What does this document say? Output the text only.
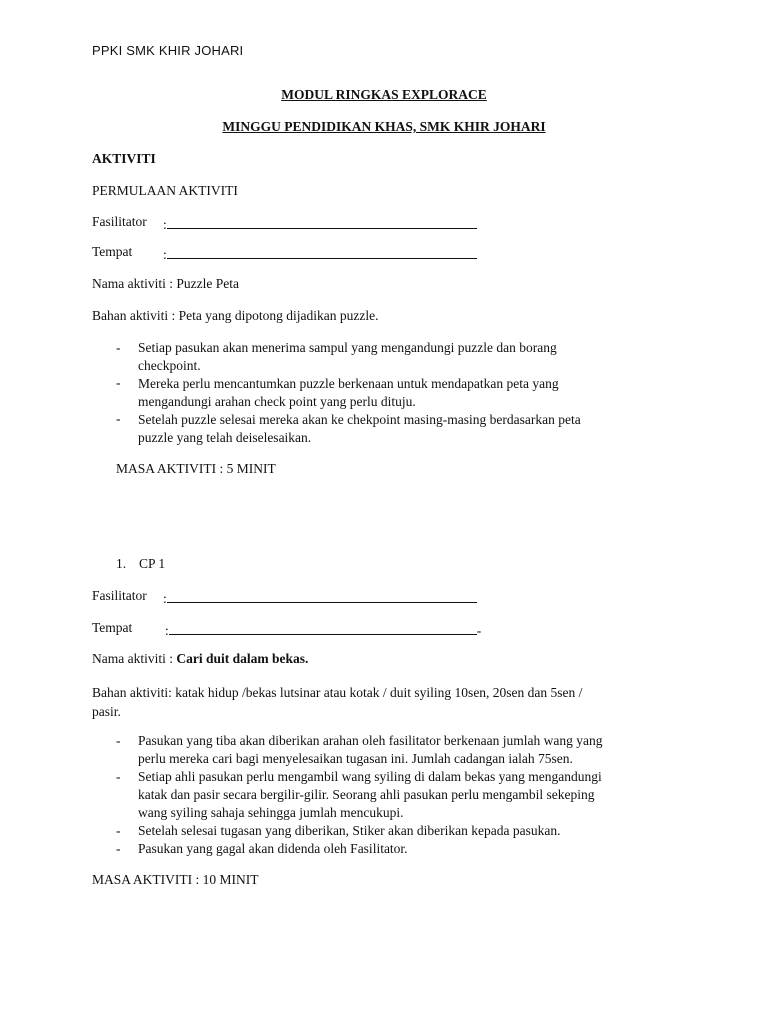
PPKI SMK KHIR JOHARI
MODUL RINGKAS EXPLORACE
MINGGU PENDIDIKAN KHAS, SMK KHIR JOHARI
AKTIVITI
PERMULAAN AKTIVITI
Fasilitator :
Tempat :
Nama aktiviti : Puzzle Peta
Bahan aktiviti : Peta yang dipotong dijadikan puzzle.
- Setiap pasukan akan menerima sampul yang mengandungi puzzle dan borang
checkpoint.
- Mereka perlu mencantumkan puzzle berkenaan untuk mendapatkan peta yang
mengandungi arahan check point yang perlu dituju.
- Setelah puzzle selesai mereka akan ke chekpoint masing-masing berdasarkan peta
puzzle yang telah deiselesaikan.
MASA AKTIVITI : 5 MINIT
1. CP 1
Fasilitator :
Tempat :	-
Nama aktiviti : Cari duit dalam bekas.
Bahan aktiviti: katak hidup /bekas lutsinar atau kotak / duit syiling 10sen, 20sen dan 5sen /
pasir.
- Pasukan yang tiba akan diberikan arahan oleh fasilitator berkenaan jumlah wang yang
perlu mereka cari bagi menyelesaikan tugasan ini. Jumlah cadangan ialah 75sen.
- Setiap ahli pasukan perlu mengambil wang syiling di dalam bekas yang mengandungi
katak dan pasir secara bergilir-gilir. Seorang ahli pasukan perlu mengambil sekeping
wang syiling sahaja sehingga jumlah mencukupi.
- Setelah selesai tugasan yang diberikan, Stiker akan diberikan kepada pasukan.
- Pasukan yang gagal akan didenda oleh Fasilitator.
MASA AKTIVITI : 10 MINIT
